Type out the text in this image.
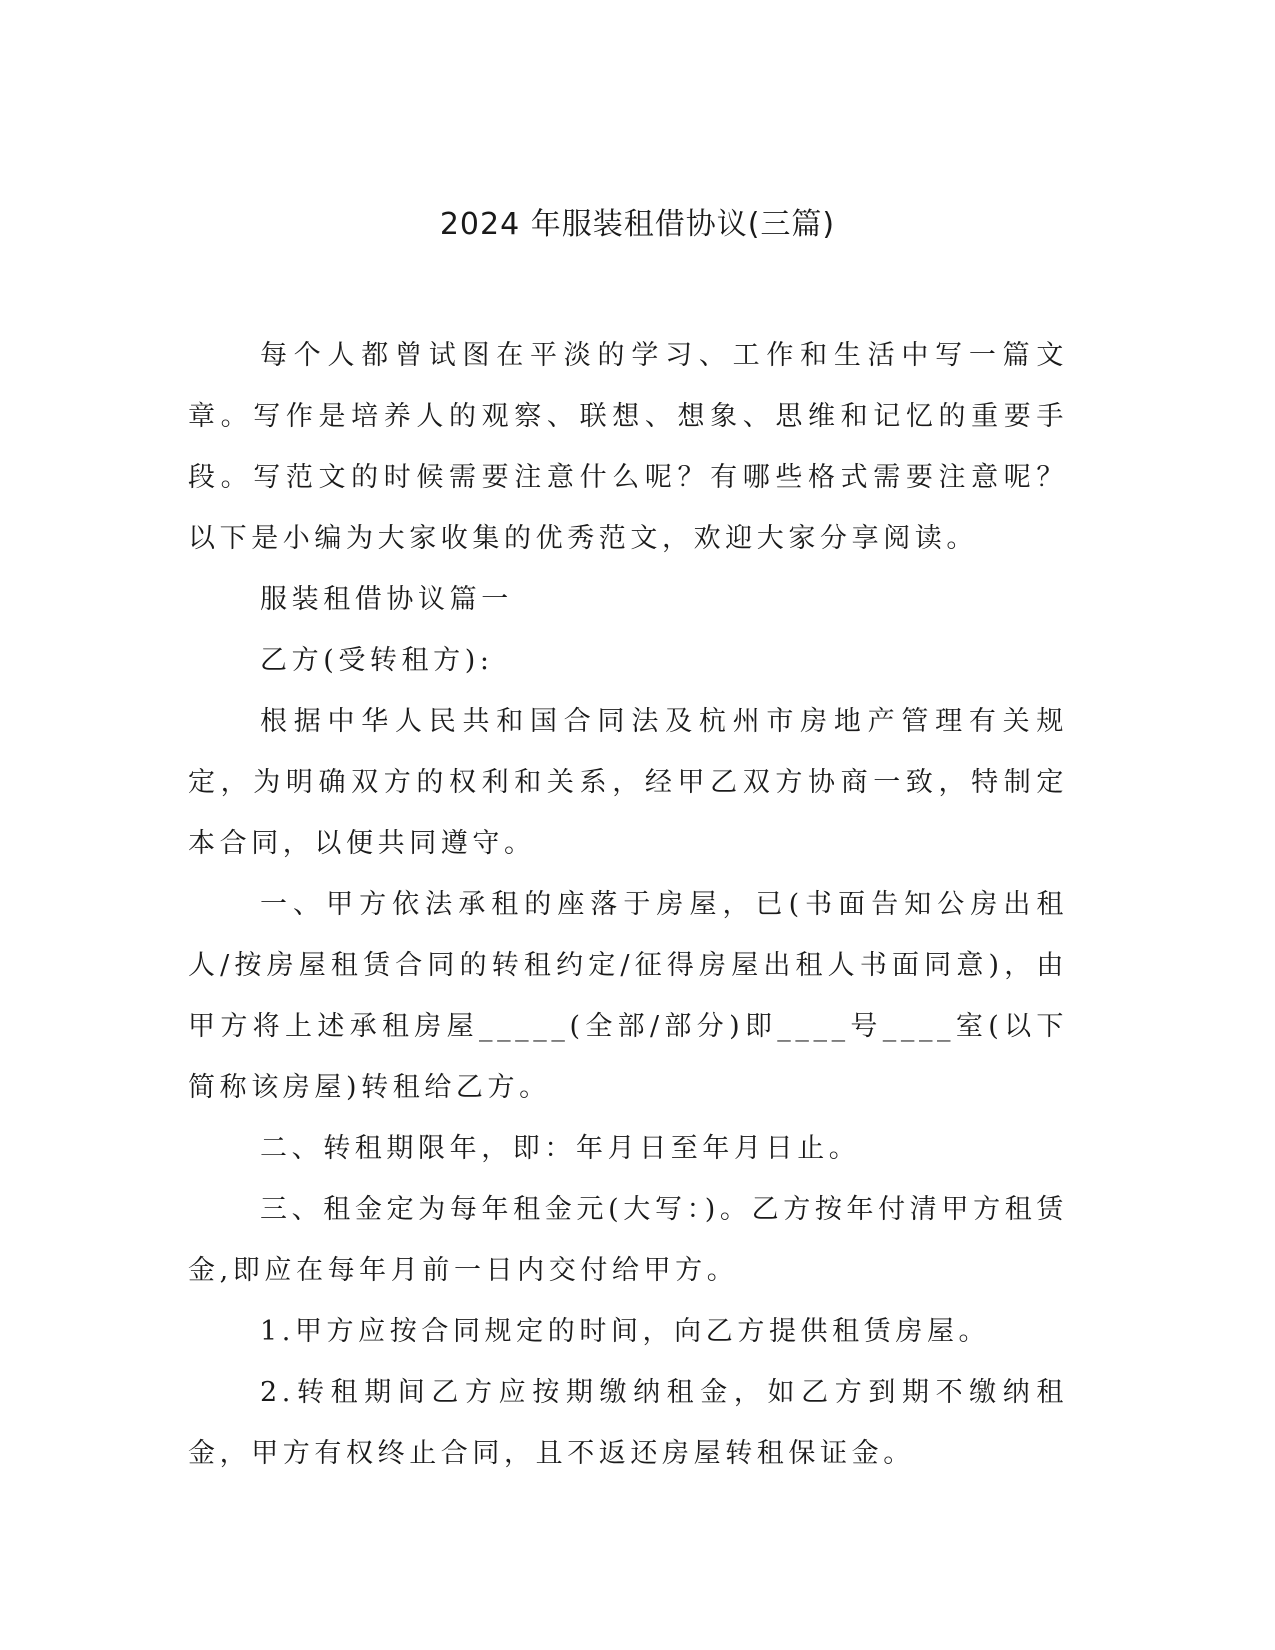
2024 年服装租借协议(三篇)

每个人都曾试图在平淡的学习、工作和生活中写一篇文章。写作是培养人的观察、联想、想象、思维和记忆的重要手段。写范文的时候需要注意什么呢？有哪些格式需要注意呢？以下是小编为大家收集的优秀范文，欢迎大家分享阅读。

服装租借协议篇一

乙方(受转租方):

根据中华人民共和国合同法及杭州市房地产管理有关规定，为明确双方的权利和关系，经甲乙双方协商一致，特制定本合同，以便共同遵守。

一、甲方依法承租的座落于房屋，已(书面告知公房出租人/按房屋租赁合同的转租约定/征得房屋出租人书面同意)，由甲方将上述承租房屋_____(全部/部分)即____号____室(以下简称该房屋)转租给乙方。

二、转租期限年，即：年月日至年月日止。

三、租金定为每年租金元(大写：)。乙方按年付清甲方租赁金,即应在每年月前一日内交付给甲方。

1.甲方应按合同规定的时间，向乙方提供租赁房屋。

2.转租期间乙方应按期缴纳租金，如乙方到期不缴纳租金，甲方有权终止合同，且不返还房屋转租保证金。
